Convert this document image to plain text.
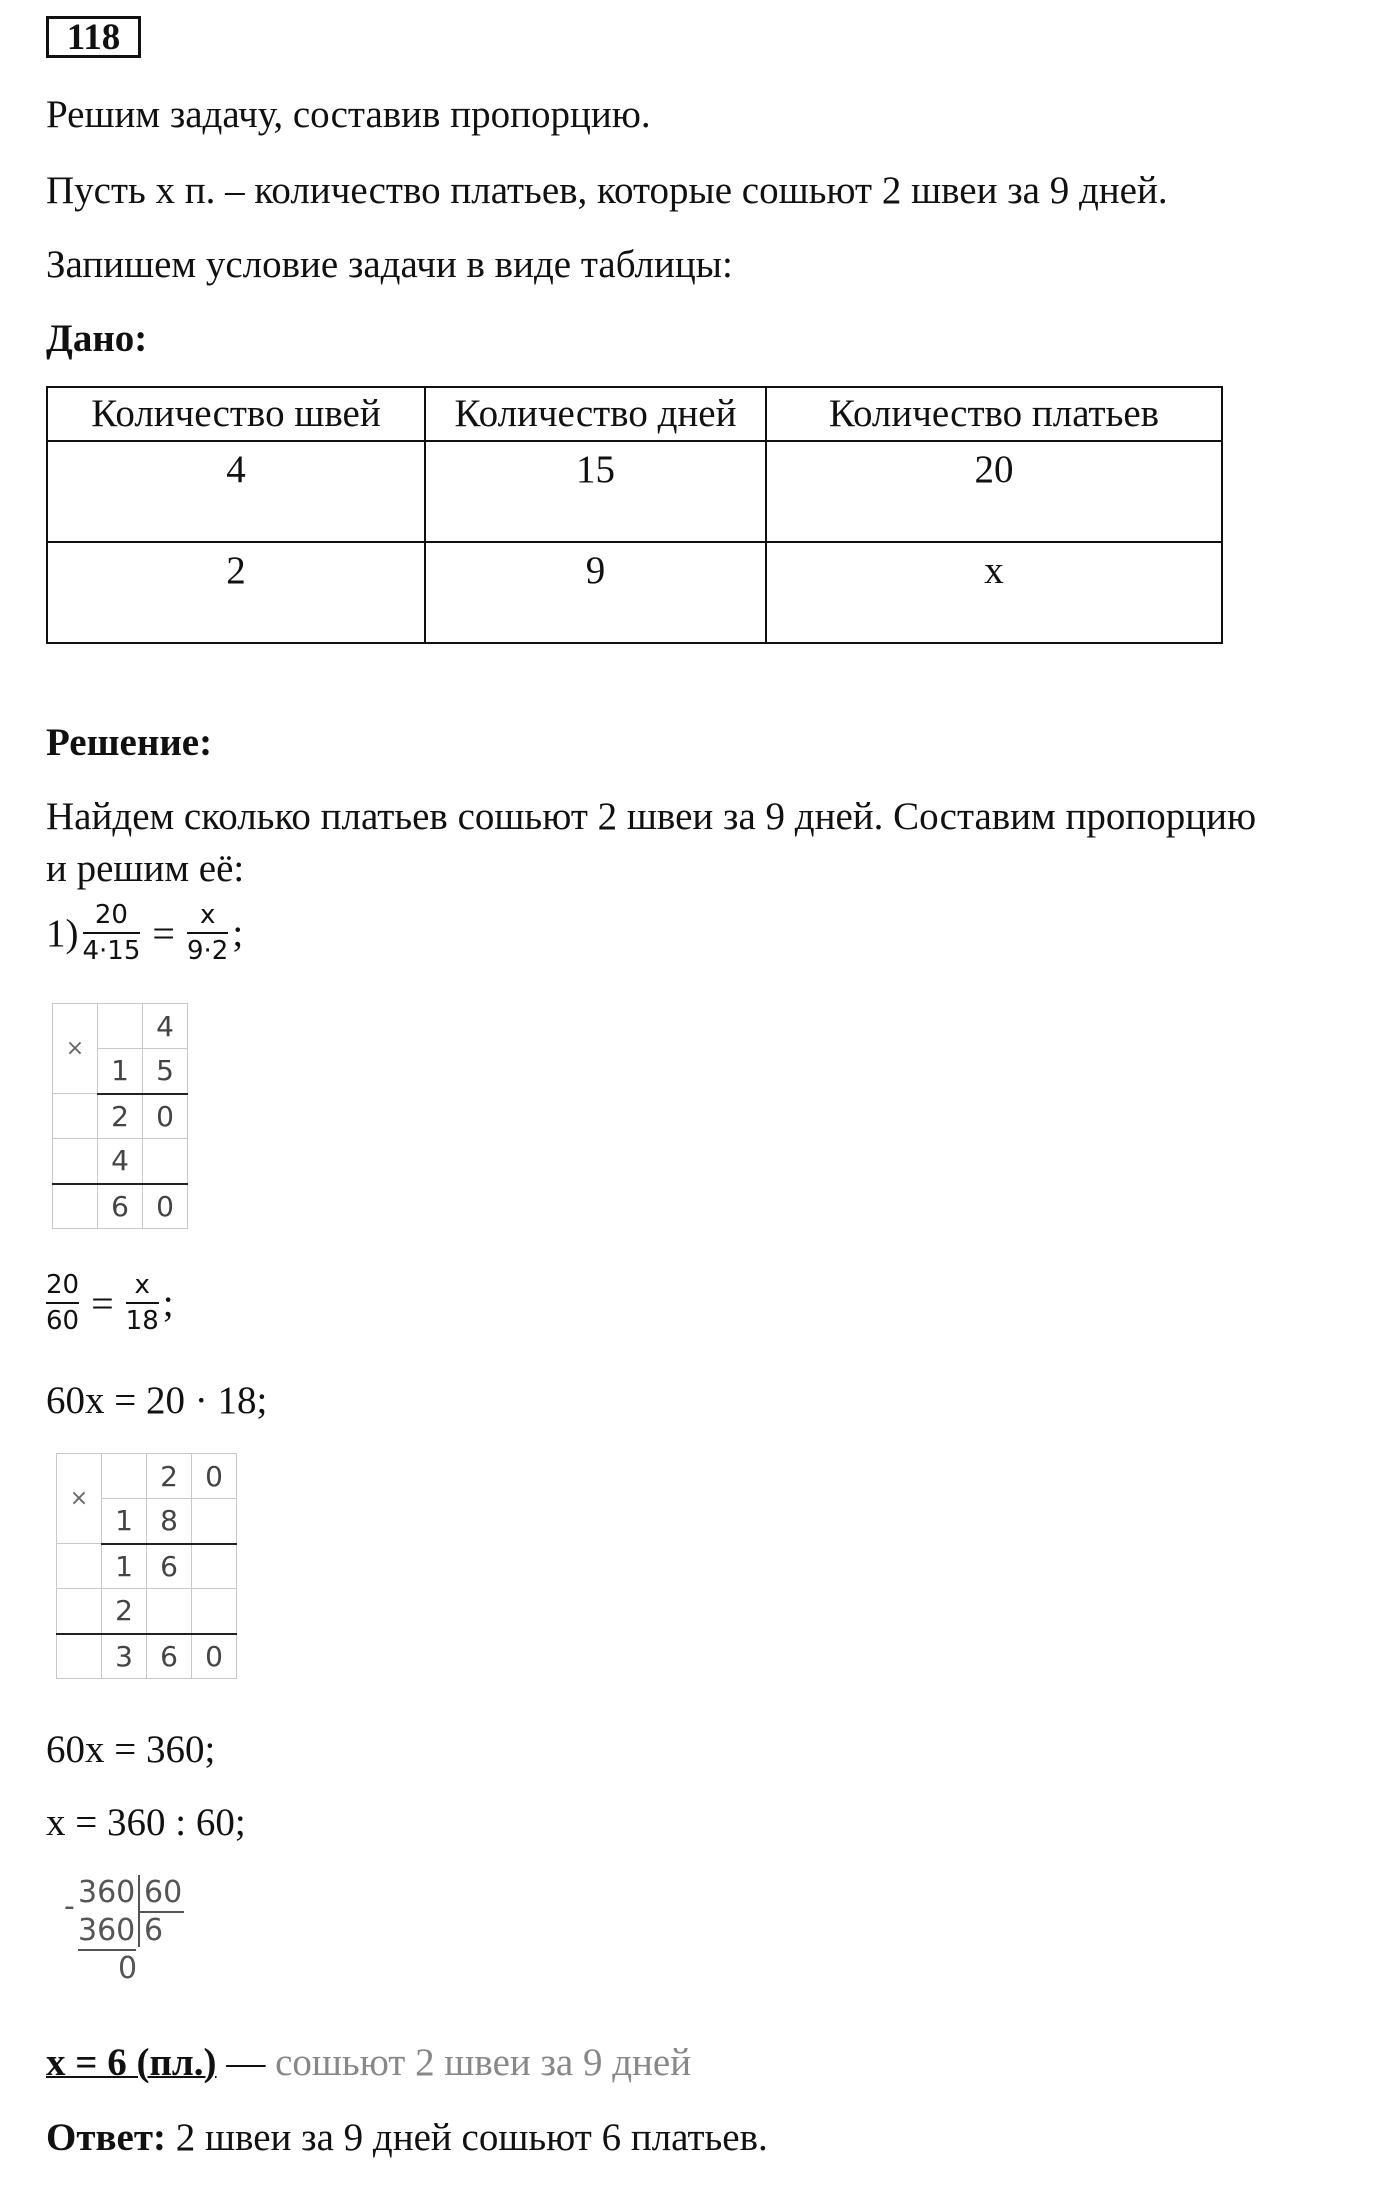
118
Решим задачу, составив пропорцию.
Пусть x п. – количество платьев, которые сошьют 2 швеи за 9 дней.
Запишем условие задачи в виде таблицы:
Дано:
Количество швей	Количество дней	Количество платьев
4	15	20
2	9	x
Решение:
Найдем сколько платьев сошьют 2 швеи за 9 дней. Составим пропорцию
и решим её:
$1) \frac{20}{4\cdot 15} = \frac{x}{9\cdot 2}$ ;
×		4
	1	5
	2	0
	4	
	6	0
$\frac{20}{60} = \frac{x}{18}$ ;
60x = 20 · 18;
×		2	0
	1	8	
	1	6	
	2		
	3	6	0
60x = 360;
x = 360 : 60;
- 360 60
360 6
0
x = 6 (пл.) — сошьют 2 швеи за 9 дней
Ответ: 2 швеи за 9 дней сошьют 6 платьев.
